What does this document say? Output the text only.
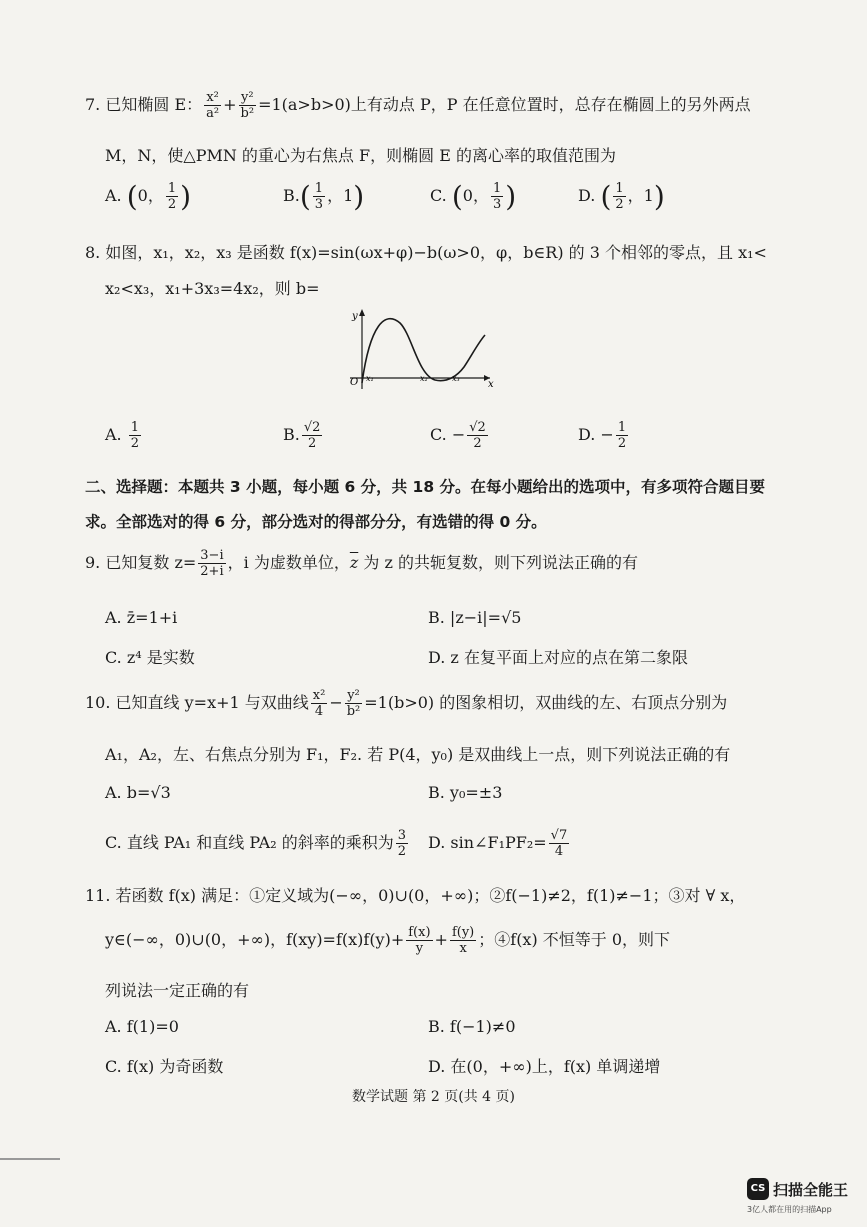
7. 已知椭圆 E： $\frac{\text{x²}}{\text{a²}} + \frac{\text{y²}}{\text{b²}} =1(a>b>0)$上有动点 P，P 在任意位置时，总存在椭圆上的另外两点
M，N，使△PMN 的重心为右焦点 F，则椭圆 E 的离心率的取值范围为
A. (0， $\frac{1}{2}$ )	$B.( \frac{1}{3}$ ，1)	C. (0， $\frac{1}{3}$ )	D. ( $\frac{1}{2}$ ，1)
8. 如图，x₁，x₂，x₃ 是函数 f(x)=sin(ωx+φ)−b(ω>0，φ，b∈R) 的 3 个相邻的零点，且 x₁<
x₂<x₃，x₁+3x₃=4x₂，则 b=
y
x
O x₁	x₂	x₃
A. $\frac{1}{2}$	B. $\frac{√2}{2}$	C. − $\frac{√2}{2}$	D. − $\frac{1}{2}$
二、选择题：本题共 3 小题，每小题 6 分，共 18 分。在每小题给出的选项中，有多项符合题目要
求。全部选对的得 6 分，部分选对的得部分分，有选错的得 0 分。
9. 已知复数 $z= \frac{3-i}{2+i}$ ，i 为虚数单位，$\overline{z}$ 为 z 的共轭复数，则下列说法正确的有
A. z̄=1+i	B. |z−i|=√5
C. z⁴ 是实数	D. z 在复平面上对应的点在第二象限
10. 已知直线 y=x+1 与双曲线 $\frac{\text{x²}}{4} - \frac{\text{y²}}{\text{b²}} =1(b>0)$ 的图象相切，双曲线的左、右顶点分别为
A₁，A₂，左、右焦点分别为 F₁，F₂. 若 P(4，y₀) 是双曲线上一点，则下列说法正确的有
A. b=√3	B. y₀=±3
C. 直线 PA₁ 和直线 PA₂ 的斜率的乘积为 $\frac{3}{2} D$. sin∠F₁PF₂= $\frac{√7}{4}$
11. 若函数 f(x) 满足：①定义域为(−∞，0)∪(0，+∞)；②f(−1)≠2，f(1)≠−1；③对 ∀ x，
y∈(−∞，0)∪(0，+∞)，$f(xy)=f(x)f(y)+ \frac{f(x)}{y} + \frac{f(y)}{x}$ ；④f(x) 不恒等于 0，则下
列说法一定正确的有
A. f(1)=0	B. f(−1)≠0
C. f(x) 为奇函数	D. 在(0，+∞)上，f(x) 单调递增
数学试题 第 2 页(共 4 页)
CS 扫描全能王
3亿人都在用的扫描App
